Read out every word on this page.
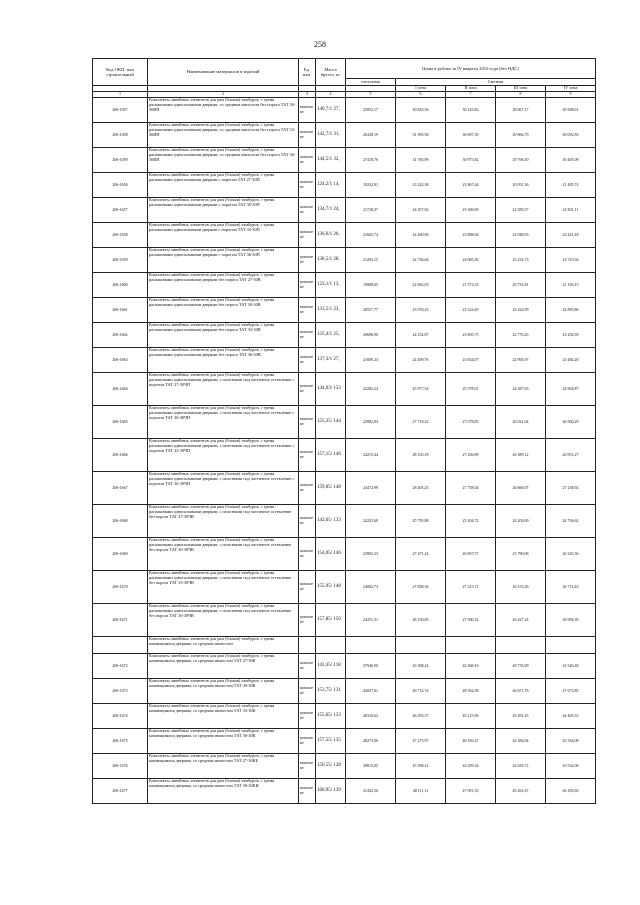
258
Код ОКП, или строительный	Наименование материалов и изделий	Ед. изм.	Масса брутто, кг	Цены в рублях за IV квартал 2010 года (без НДС)				
				отпускная	Сметная			
					I зона	II зона	III зона	IV зона
1	2	3	4	5	6	7	8	9
206-1057	Комплекты линейных элементов для рам (блоков) тамбуров, с тремя распашными однопольными дверями, со средним импостом без порога ТАТ 30-30ИП	компле кт	140,7/1 27,	25952,17	30 833,56	30 143,82	28 067,17	29 508,61
206-1058	Комплекты линейных элементов для рам (блоков) тамбуров, с тремя распашными однопольными дверями, со средним импостом без порога ТАТ 33-30ИП	компле кт	142,7/1 31,	26438,19	31 395,56	30 697,39	29 866,79	30 092,83
206-1059	Комплекты линейных элементов для рам (блоков) тамбуров, с тремя распашными однопольными дверями, со средним импостом без порога ТАТ 36-30ИП	компле кт	144,5/1 32,	27418,76	31 765,99	30 975,82	29 766,50	30 405,09
206-1656	Комплекты линейных элементов для рам (блоков) тамбуров, с тремя распашными однопольными дверями с порогом ТАТ 27-30П	компле кт	124,2/1 14,	19232,91	23 322,38	21 867,44	20 951,36	21 405,74
206-1657	Комплекты линейных элементов для рам (блоков) тамбуров, с тремя распашными однопольными дверями с порогом ТАТ 30-30П	компле кт	134,7/1 24,	21728,37	24 457,92	23 369,09	22 585,57	22 831,11
206-1658	Комплекты линейных элементов для рам (блоков) тамбуров, с тремя распашными однопольными дверями с порогом ТАТ 33-30П	компле кт	136,6/1 26,	21665,74	24 400,90	23 888,04	22 948,93	23 441,18
206-1659	Комплекты линейных элементов для рам (блоков) тамбуров, с тремя распашными однопольными дверями с порогом ТАТ 36-30П	компле кт	138,5/1 28,	21203,15	24 736,64	24 065,30	23 232,73	23 725,94
206-1660	Комплекты линейных элементов для рам (блоков) тамбуров, с тремя распашными однопольными дверями без порога ТАТ 27-30В	компле кт	123,1/1 13,	19908,65	22 062,03	21 573,33	20 731,81	21 156,15
206-1661	Комплекты линейных элементов для рам (блоков) тамбуров, с тремя распашными однопольными дверями без порога ТАТ 30-30В	компле кт	133,5/1 23,	20557,77	23 976,23	23 323,49	22 424,99	22 895,86
206-1662	Комплекты линейных элементов для рам (блоков) тамбуров, с тремя распашными однопольными дверями без порога ТАТ 33-30В	компле кт	135,4/1 25,	20698,90	24 254,87	23 695,75	22 776,45	23 254,93
206-1663	Комплекты линейных элементов для рам (блоков) тамбуров, с тремя распашными однопольными дверями без порога ТАТ 36-30В	компле кт	137,3/1 27,	21009,23	24 409,76	23 924,07	22 994,97	23 484,20
206-1664	Комплекты линейных элементов для рам (блоков) тамбуров, с тремя распашными однопольными дверями, с полотнами под частичное остекление с порогом ТАТ 27-30ЧП	компле кт	144,03/ 133	22282,24	25 977,54	25 378,01	24 387,63	24 904,87
206-1665	Комплекты линейных элементов для рам (блоков) тамбуров, с тремя распашными однопольными дверями, с полотнами под частичное остекление с порогом ТАТ 30-30ЧП	компле кт	155,25/ 144	23982,94	27 718,22	27 078,85	26 021,04	26 569,29
206-1666	Комплекты линейных элементов для рам (блоков) тамбуров, с тремя распашными однопольными дверями, с полотнами под частичное остекление с порогом ТАТ 33-30ЧП	компле кт	157,15/ 146	24215,44	28 105,18	27 456,89	26 389,12	26 951,27
206-1667	Комплекты линейных элементов для рам (блоков) тамбуров, с тремя распашными однопольными дверями, с полотнами под частичное остекление с порогом ТАТ 36-30ЧП	компле кт	159,05/ 148	24472,99	28 405,25	27 758,04	26 666,07	27 238,92
206-1668	Комплекты линейных элементов для рам (блоков) тамбуров, с тремя распашными однопольными дверями, с полотнами под частичное остекление без порога ТАТ 27-30ЧВ	компле кт	143,65/ 133	22225,69	25 795,88	25 204,72	24 203,09	24 736,62
206-1669	Комплекты линейных элементов для рам (блоков) тамбуров, с тремя распашными однопольными дверями, с полотнами под частичное остекление без порога ТАТ 30-30ЧВ	компле кт	154,05/ 146	23903,23	27 471,24	26 837,57	25 790,08	26 343,36
206-1670	Комплекты линейных элементов для рам (блоков) тамбуров, с тремя распашными однопольными дверями, с полотнами под частичное остекление без порога ТАТ 33-30ЧВ	компле кт	155,95/ 148	24002,73	27 858,34	27 215,71	26 153,36	26 714,43
206-1671	Комплекты линейных элементов для рам (блоков) тамбуров, с тремя распашными однопольными дверями, с полотнами под частичное остекление без порога ТАТ 36-30ЧВ	компле кт	157,85/ 150	24251,31	28 150,05	27 500,32	26 427,24	26 994,39
	Комплекты линейных элементов для рам (блоков) тамбуров, с тремя качающимися дверями, со средним импостом							
206-1672	Комплекты линейных элементов для рам (блоков) тамбуров, с тремя качающимися дверями, со средним импостом ТАТ 27-30К	компле кт	143,35/ 118	37946,90	43 308,24	42 368,16	40 735,09	41 540,48
206-1673	Комплекты линейных элементов для рам (блоков) тамбуров, с тремя качающимися дверями, со средним импостом ТАТ 30-30К	компле кт	153,75/ 131	42037,01	49 714,74	48 562,58	46 671,76	47 673,85
206-1674	Комплекты линейных элементов для рам (блоков) тамбуров, с тремя качающимися дверями, со средним импостом ТАТ 33-30К	компле кт	155,65/ 133	40316,62	46 293,37	45 215,96	43 491,45	44 403,53
206-1675	Комплекты линейных элементов для рам (блоков) тамбуров, с тремя качающимися дверями, со средним импостом ТАТ 36-30К	компле кт	157,55/ 135	40273,06	47 275,97	46 185,47	44 382,64	45 334,08
206-1676	Комплекты линейных элементов для рам (блоков) тамбуров, с тремя качающимися дверями, со средним импостом ТАТ 27-30КБ	компле кт	150,55/ 128	39815,05	45 398,12	44 359,34	42 639,72	43 534,06
206-1677	Комплекты линейных элементов для рам (блоков) тамбуров, с тремя качающимися дверями, со средним импостом ТАТ 30-30КИ	компле кт	160,95/ 139	41432,56	48 111,11	47 091,35	45 261,67	46 185,65
